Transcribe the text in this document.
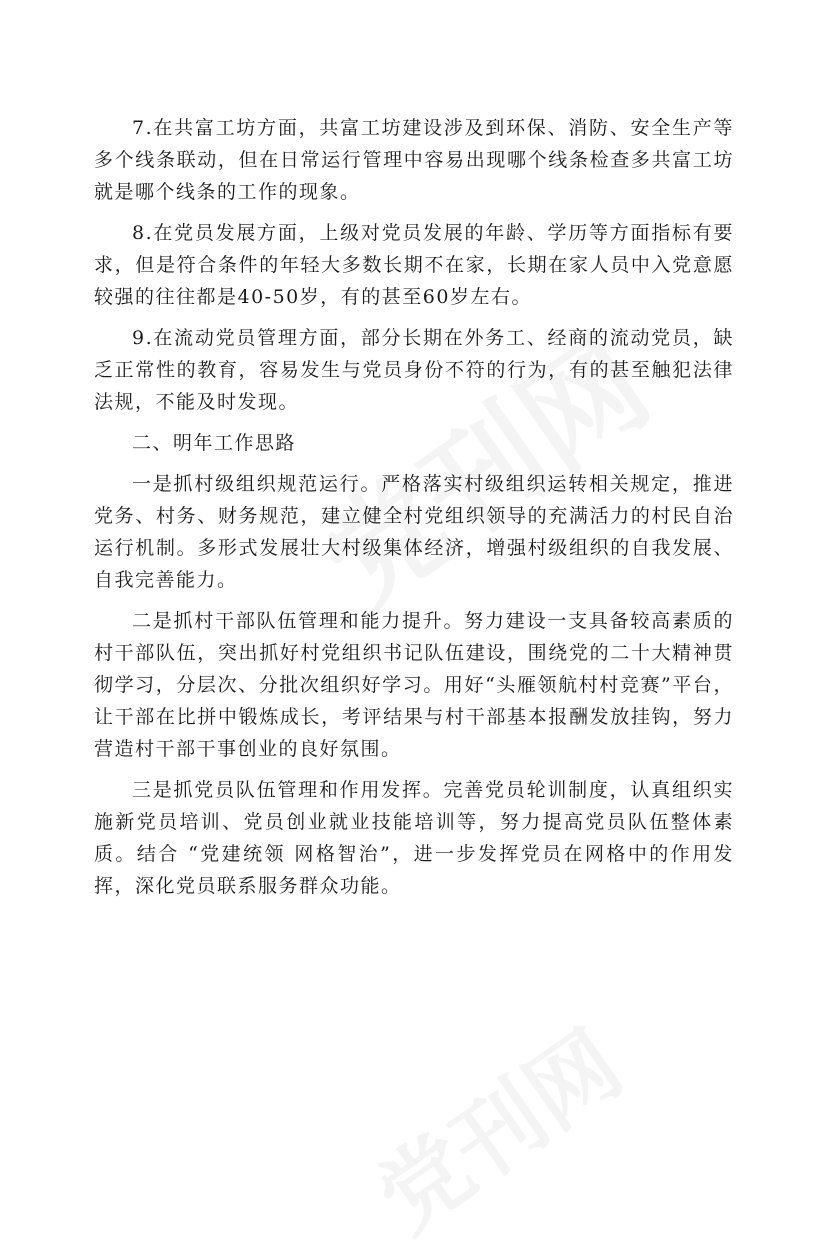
7.在共富工坊方面，共富工坊建设涉及到环保、消防、安全生产等多个线条联动，但在日常运行管理中容易出现哪个线条检查多共富工坊就是哪个线条的工作的现象。

8.在党员发展方面，上级对党员发展的年龄、学历等方面指标有要求，但是符合条件的年轻大多数长期不在家，长期在家人员中入党意愿较强的往往都是40-50岁，有的甚至60岁左右。

9.在流动党员管理方面，部分长期在外务工、经商的流动党员，缺乏正常性的教育，容易发生与党员身份不符的行为，有的甚至触犯法律法规，不能及时发现。

二、明年工作思路

一是抓村级组织规范运行。严格落实村级组织运转相关规定，推进党务、村务、财务规范，建立健全村党组织领导的充满活力的村民自治运行机制。多形式发展壮大村级集体经济，增强村级组织的自我发展、自我完善能力。

二是抓村干部队伍管理和能力提升。努力建设一支具备较高素质的村干部队伍，突出抓好村党组织书记队伍建设，围绕党的二十大精神贯彻学习，分层次、分批次组织好学习。用好“头雁领航村村竞赛”平台，让干部在比拼中锻炼成长，考评结果与村干部基本报酬发放挂钩，努力营造村干部干事创业的良好氛围。

三是抓党员队伍管理和作用发挥。完善党员轮训制度，认真组织实施新党员培训、党员创业就业技能培训等，努力提高党员队伍整体素质。结合 “党建统领 网格智治”，进一步发挥党员在网格中的作用发挥，深化党员联系服务群众功能。
